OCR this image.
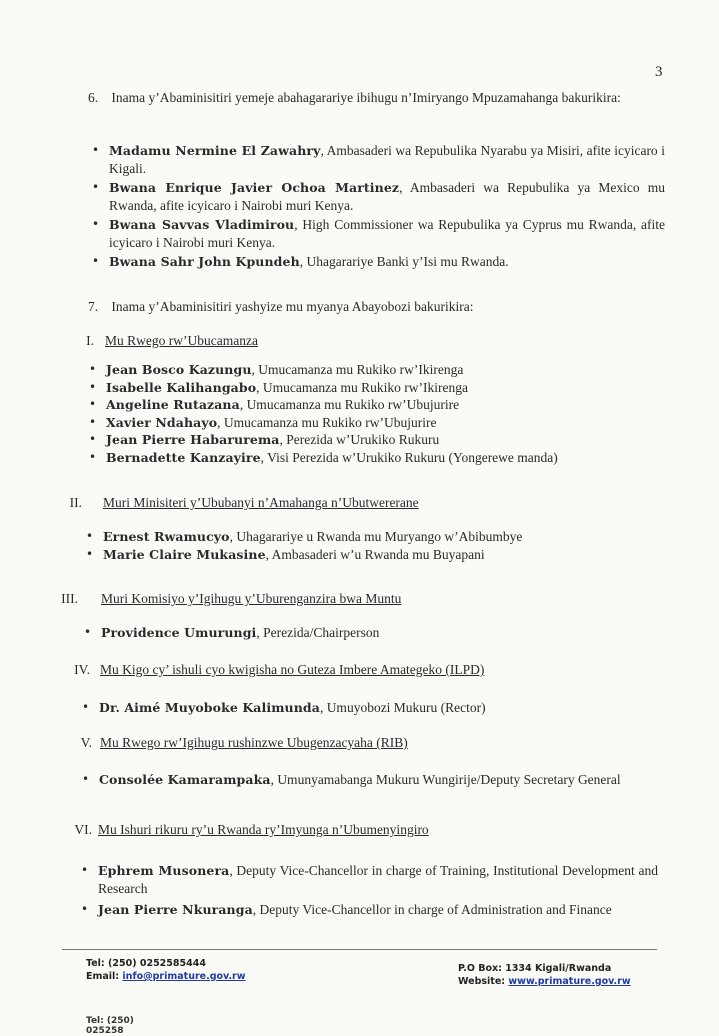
3
6. Inama y’Abaminisitiri yemeje abahagarariye ibihugu n’Imiryango Mpuzamahanga bakurikira:
• Madamu Nermine El Zawahry, Ambasaderi wa Repubulika Nyarabu ya Misiri, afite icyicaro i Kigali.
• Bwana Enrique Javier Ochoa Martinez, Ambasaderi wa Repubulika ya Mexico mu Rwanda, afite icyicaro i Nairobi muri Kenya.
• Bwana Savvas Vladimirou, High Commissioner wa Repubulika ya Cyprus mu Rwanda, afite icyicaro i Nairobi muri Kenya.
• Bwana Sahr John Kpundeh, Uhagarariye Banki y’Isi mu Rwanda.
7. Inama y’Abaminisitiri yashyize mu myanya Abayobozi bakurikira:
I. Mu Rwego rw’Ubucamanza
• Jean Bosco Kazungu, Umucamanza mu Rukiko rw’Ikirenga
• Isabelle Kalihangabo, Umucamanza mu Rukiko rw’Ikirenga
• Angeline Rutazana, Umucamanza mu Rukiko rw’Ubujurire
• Xavier Ndahayo, Umucamanza mu Rukiko rw’Ubujurire
• Jean Pierre Habarurema, Perezida w’Urukiko Rukuru
• Bernadette Kanzayire, Visi Perezida w’Urukiko Rukuru (Yongerewe manda)
II. Muri Minisiteri y’Ububanyi n’Amahanga n’Ubutwererane
• Ernest Rwamucyo, Uhagarariye u Rwanda mu Muryango w’Abibumbye
• Marie Claire Mukasine, Ambasaderi w’u Rwanda mu Buyapani
III. Muri Komisiyo y’Igihugu y’Uburenganzira bwa Muntu
• Providence Umurungi, Perezida/Chairperson
IV. Mu Kigo cy’ ishuli cyo kwigisha no Guteza Imbere Amategeko (ILPD)
• Dr. Aimé Muyoboke Kalimunda, Umuyobozi Mukuru (Rector)
V. Mu Rwego rw’Igihugu rushinzwe Ubugenzacyaha (RIB)
• Consolée Kamarampaka, Umunyamabanga Mukuru Wungirije/Deputy Secretary General
VI. Mu Ishuri rikuru ry’u Rwanda ry’Imyunga n’Ubumenyingiro
• Ephrem Musonera, Deputy Vice-Chancellor in charge of Training, Institutional Development and Research
• Jean Pierre Nkuranga, Deputy Vice-Chancellor in charge of Administration and Finance
Tel: (250) 0252585444
Email: info@primature.gov.rw
P.O Box: 1334 Kigali/Rwanda
Website: www.primature.gov.rw
Tel: (250) 025258
